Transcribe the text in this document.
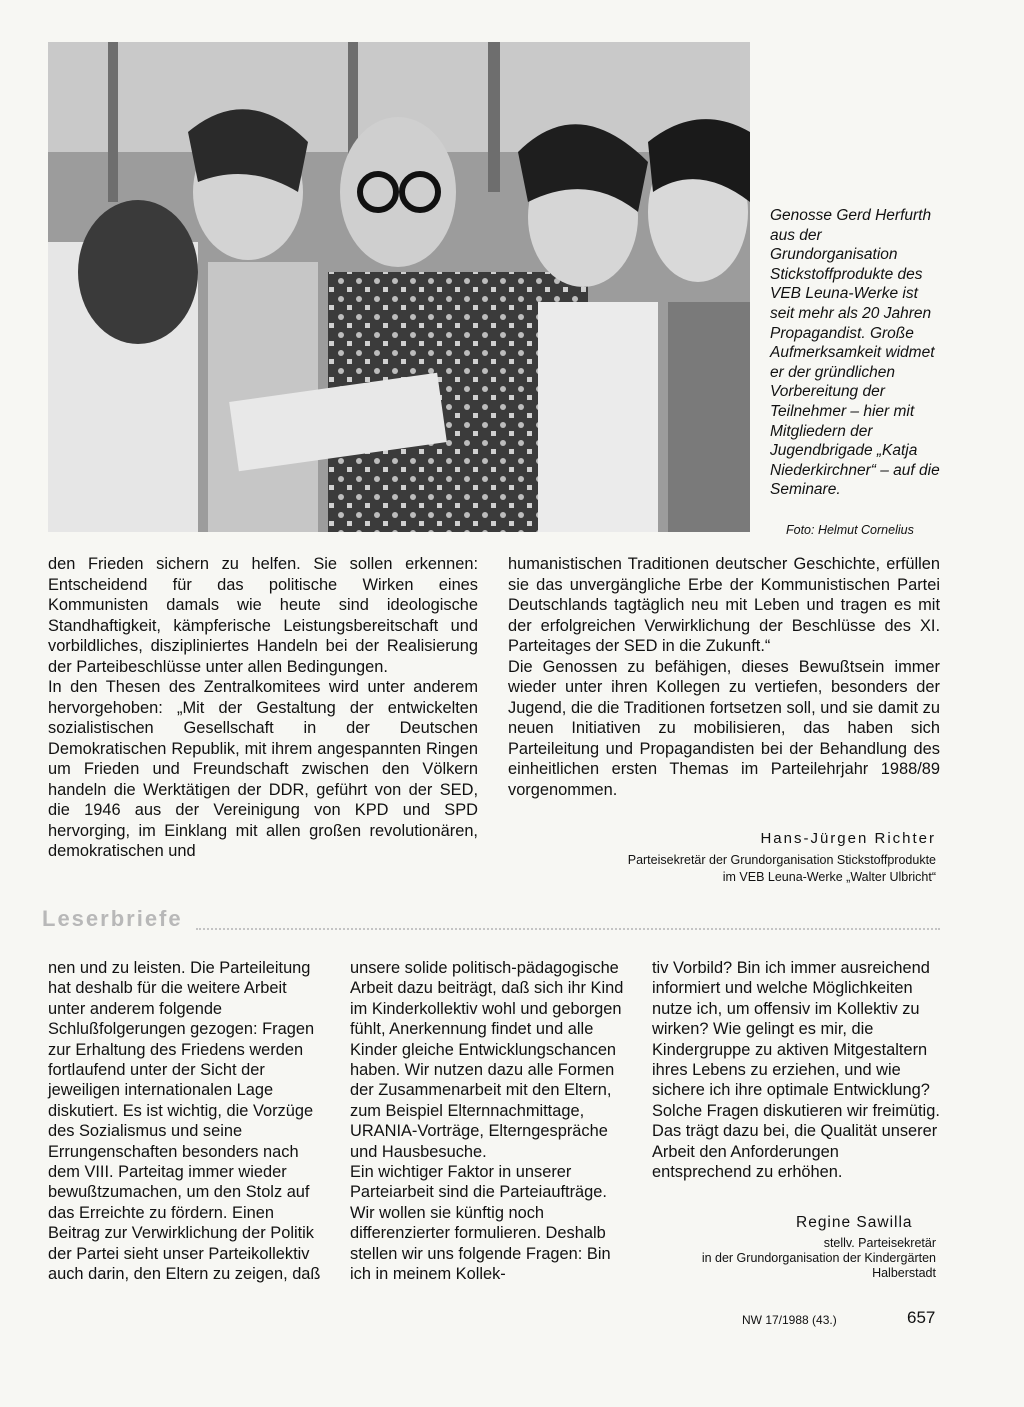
Genosse Gerd Herfurth aus der Grundorganisation Stickstoffprodukte des VEB Leuna-Werke ist seit mehr als 20 Jahren Propagandist. Große Aufmerksamkeit widmet er der gründlichen Vorbereitung der Teilnehmer – hier mit Mitgliedern der Jugendbrigade „Katja Niederkirchner“ – auf die Seminare.
Foto: Helmut Cornelius

den Frieden sichern zu helfen. Sie sollen erkennen: Entscheidend für das politische Wirken eines Kommunisten damals wie heute sind ideologische Standhaftigkeit, kämpferische Leistungsbereitschaft und vorbildliches, diszipliniertes Handeln bei der Realisierung der Parteibeschlüsse unter allen Bedingungen.

In den Thesen des Zentralkomitees wird unter anderem hervorgehoben: „Mit der Gestaltung der entwickelten sozialistischen Gesellschaft in der Deutschen Demokratischen Republik, mit ihrem angespannten Ringen um Frieden und Freundschaft zwischen den Völkern handeln die Werktätigen der DDR, geführt von der SED, die 1946 aus der Vereinigung von KPD und SPD hervorging, im Einklang mit allen großen revolutionären, demokratischen und

humanistischen Traditionen deutscher Geschichte, erfüllen sie das unvergängliche Erbe der Kommunistischen Partei Deutschlands tagtäglich neu mit Leben und tragen es mit der erfolgreichen Verwirklichung der Beschlüsse des XI. Parteitages der SED in die Zukunft.“

Die Genossen zu befähigen, dieses Bewußtsein immer wieder unter ihren Kollegen zu vertiefen, besonders der Jugend, die die Traditionen fortsetzen soll, und sie damit zu neuen Initiativen zu mobilisieren, das haben sich Parteileitung und Propagandisten bei der Behandlung des einheitlichen ersten Themas im Parteilehrjahr 1988/89 vorgenommen.

Hans-Jürgen Richter
Parteisekretär der Grundorganisation Stickstoffprodukte
im VEB Leuna-Werke „Walter Ulbricht“
Leserbriefe

nen und zu leisten. Die Parteileitung hat deshalb für die weitere Arbeit unter anderem folgende Schlußfolgerungen gezogen: Fragen zur Erhaltung des Friedens werden fortlaufend unter der Sicht der jeweiligen internationalen Lage diskutiert. Es ist wichtig, die Vorzüge des Sozialismus und seine Errungenschaften besonders nach dem VIII. Parteitag immer wieder bewußtzumachen, um den Stolz auf das Erreichte zu fördern. Einen Beitrag zur Verwirklichung der Politik der Partei sieht unser Parteikollektiv auch darin, den Eltern zu zeigen, daß

unsere solide politisch-pädagogische Arbeit dazu beiträgt, daß sich ihr Kind im Kinderkollektiv wohl und geborgen fühlt, Anerkennung findet und alle Kinder gleiche Entwicklungschancen haben. Wir nutzen dazu alle Formen der Zusammenarbeit mit den Eltern, zum Beispiel Elternnachmittage, URANIA-Vorträge, Elterngespräche und Hausbesuche.

Ein wichtiger Faktor in unserer Parteiarbeit sind die Parteiaufträge. Wir wollen sie künftig noch differenzierter formulieren. Deshalb stellen wir uns folgende Fragen: Bin ich in meinem Kollek-

tiv Vorbild? Bin ich immer ausreichend informiert und welche Möglichkeiten nutze ich, um offensiv im Kollektiv zu wirken? Wie gelingt es mir, die Kindergruppe zu aktiven Mitgestaltern ihres Lebens zu erziehen, und wie sichere ich ihre optimale Entwicklung? Solche Fragen diskutieren wir freimütig. Das trägt dazu bei, die Qualität unserer Arbeit den Anforderungen entsprechend zu erhöhen.

Regine Sawilla
stellv. Parteisekretär
in der Grundorganisation der Kindergärten
Halberstadt
NW 17/1988 (43.)	657
